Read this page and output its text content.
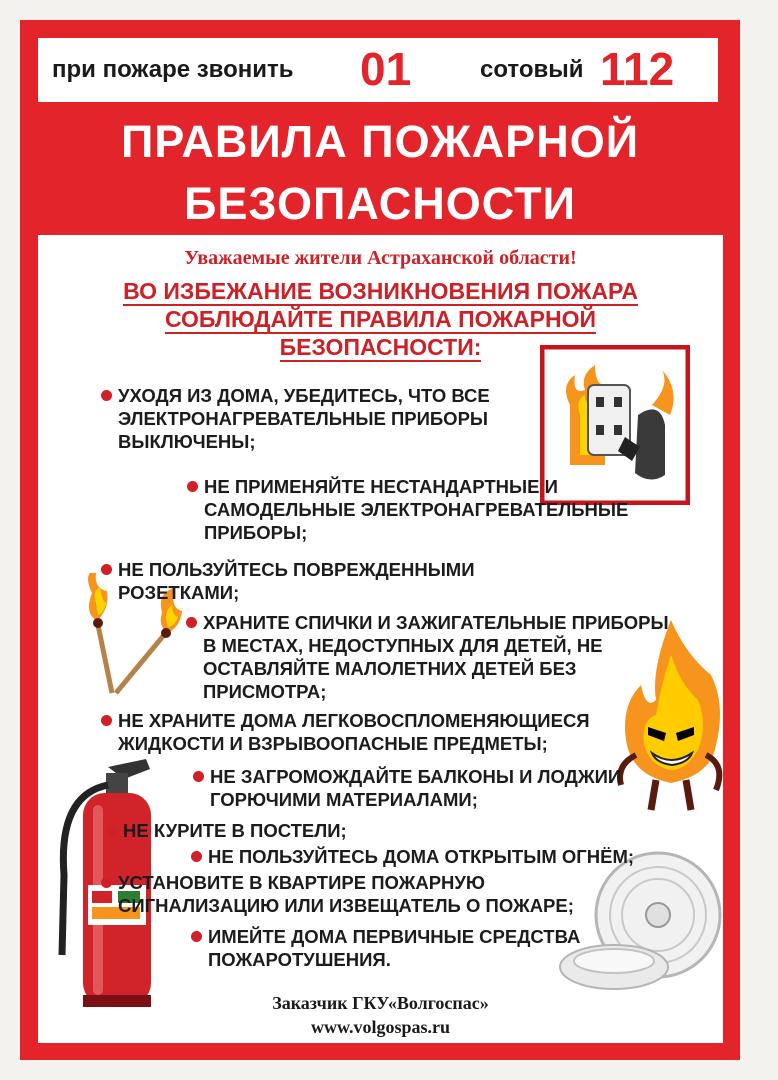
при пожаре звонить 01	сотовый 112
ПРАВИЛА ПОЖАРНОЙ
БЕЗОПАСНОСТИ
Уважаемые жители Астраханской области!
ВО ИЗБЕЖАНИЕ ВОЗНИКНОВЕНИЯ ПОЖАРА
СОБЛЮДАЙТЕ ПРАВИЛА ПОЖАРНОЙ
БЕЗОПАСНОСТИ:
УХОДЯ ИЗ ДОМА, УБЕДИТЕСЬ, ЧТО ВСЕ
ЭЛЕКТРОНАГРЕВАТЕЛЬНЫЕ ПРИБОРЫ
ВЫКЛЮЧЕНЫ;
НЕ ПРИМЕНЯЙТЕ НЕСТАНДАРТНЫЕ И
САМОДЕЛЬНЫЕ ЭЛЕКТРОНАГРЕВАТЕЛЬНЫЕ
ПРИБОРЫ;
НЕ ПОЛЬЗУЙТЕСЬ ПОВРЕЖДЕННЫМИ
РОЗЕТКАМИ;
ХРАНИТЕ СПИЧКИ И ЗАЖИГАТЕЛЬНЫЕ ПРИБОРЫ
В МЕСТАХ, НЕДОСТУПНЫХ ДЛЯ ДЕТЕЙ, НЕ
ОСТАВЛЯЙТЕ МАЛОЛЕТНИХ ДЕТЕЙ БЕЗ
ПРИСМОТРА;
НЕ ХРАНИТЕ ДОМА ЛЕГКОВОСПЛОМЕНЯЮЩИЕСЯ
ЖИДКОСТИ И ВЗРЫВООПАСНЫЕ ПРЕДМЕТЫ;
НЕ ЗАГРОМОЖДАЙТЕ БАЛКОНЫ И ЛОДЖИИ
ГОРЮЧИМИ МАТЕРИАЛАМИ;
НЕ КУРИТЕ В ПОСТЕЛИ;
НЕ ПОЛЬЗУЙТЕСЬ ДОМА ОТКРЫТЫМ ОГНЁМ;
УСТАНОВИТЕ В КВАРТИРЕ ПОЖАРНУЮ
СИГНАЛИЗАЦИЮ ИЛИ ИЗВЕЩАТЕЛЬ О ПОЖАРЕ;
ИМЕЙТЕ ДОМА ПЕРВИЧНЫЕ СРЕДСТВА
ПОЖАРОТУШЕНИЯ.
Заказчик ГКУ«Волгоспас»
www.volgospas.ru
